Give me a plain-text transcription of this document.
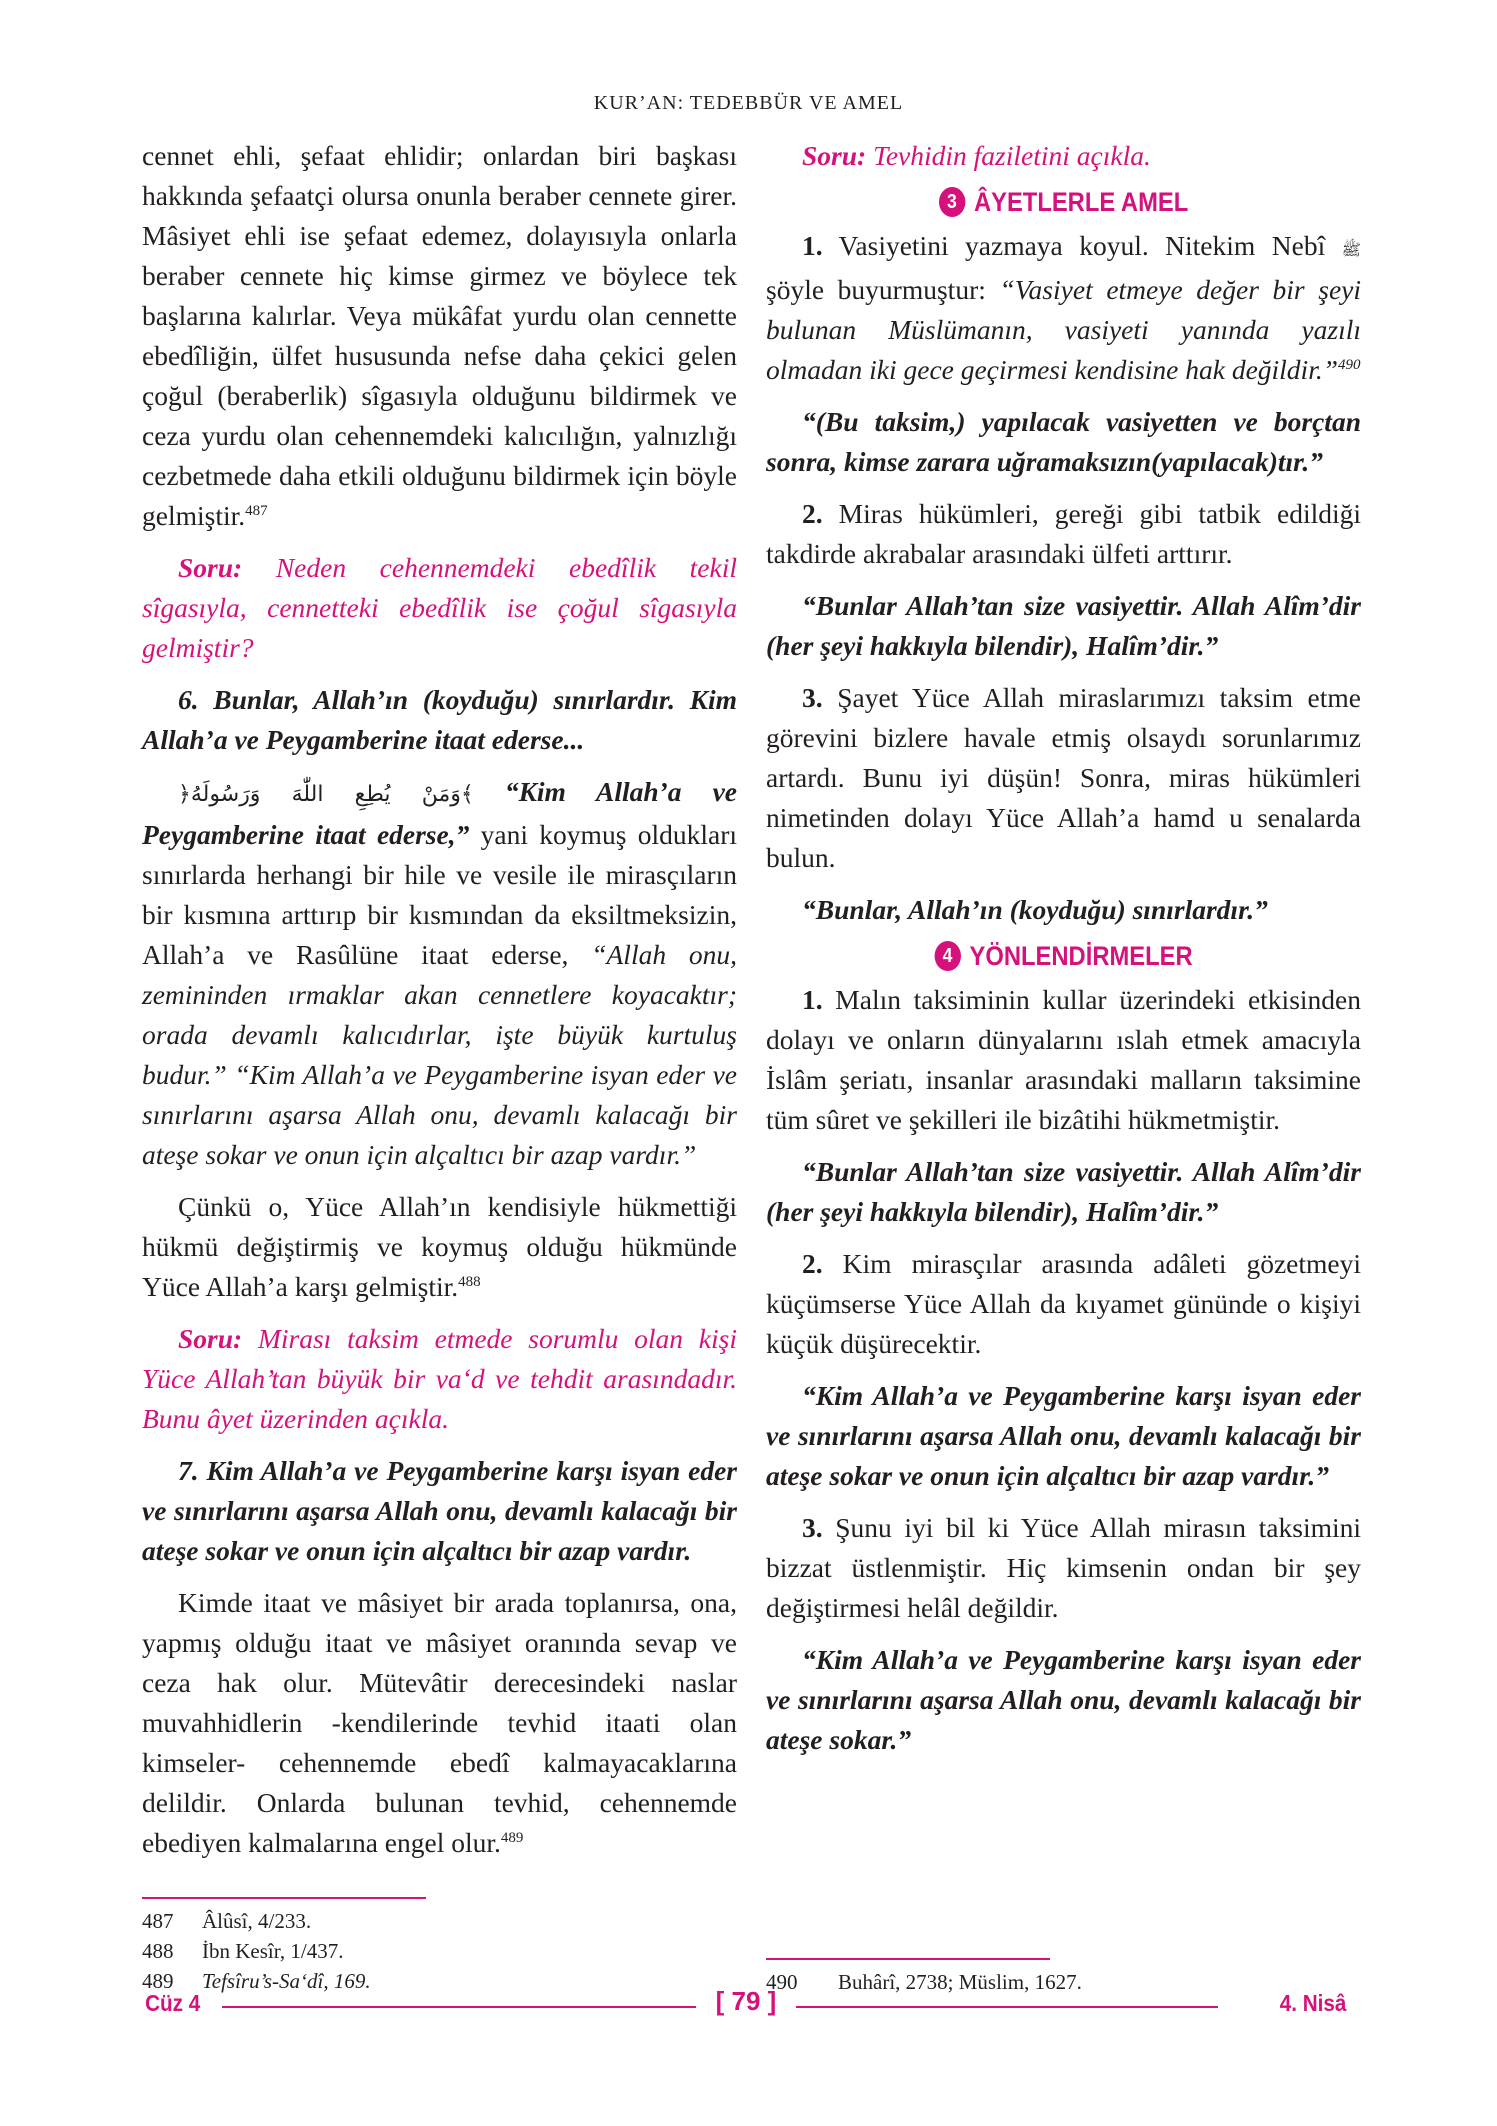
KUR’AN: TEDEBBÜR VE AMEL

cennet ehli, şefaat ehlidir; onlardan biri başkası hakkında şefaatçi olursa onunla beraber cennete girer. Mâsiyet ehli ise şefaat edemez, dolayısıyla onlarla beraber cennete hiç kimse girmez ve böylece tek başlarına kalırlar. Veya mükâfat yurdu olan cennette ebedîliğin, ülfet hususunda nefse daha çekici gelen çoğul (beraberlik) sîgasıyla olduğunu bildirmek ve ceza yurdu olan cehennemdeki kalıcılığın, yalnızlığı cezbetmede daha etkili olduğunu bildirmek için böyle gelmiştir.$^{487}$

Soru: Neden cehennemdeki ebedîlik tekil sîgasıyla, cennetteki ebedîlik ise çoğul sîgasıyla gelmiştir?

6. Bunlar, Allah’ın (koyduğu) sınırlardır. Kim Allah’a ve Peygamberine itaat ederse...

﴿وَمَنْ يُطِعِ اللّٰهَ وَرَسُولَهُ﴾ “Kim Allah’a ve Peygamberine itaat ederse,” yani koymuş oldukları sınırlarda herhangi bir hile ve vesile ile mirasçıların bir kısmına arttırıp bir kısmından da eksiltmeksizin, Allah’a ve Rasûlüne itaat ederse, “Allah onu, zemininden ırmaklar akan cennetlere koyacaktır; orada devamlı kalıcıdırlar, işte büyük kurtuluş budur.” “Kim Allah’a ve Peygamberine isyan eder ve sınırlarını aşarsa Allah onu, devamlı kalacağı bir ateşe sokar ve onun için alçaltıcı bir azap vardır.”

Çünkü o, Yüce Allah’ın kendisiyle hükmettiği hükmü değiştirmiş ve koymuş olduğu hükmünde Yüce Allah’a karşı gelmiştir.$^{488}$

Soru: Mirası taksim etmede sorumlu olan kişi Yüce Allah’tan büyük bir va‘d ve tehdit arasındadır. Bunu âyet üzerinden açıkla.

7. Kim Allah’a ve Peygamberine karşı isyan eder ve sınırlarını aşarsa Allah onu, devamlı kalacağı bir ateşe sokar ve onun için alçaltıcı bir azap vardır.

Kimde itaat ve mâsiyet bir arada toplanırsa, ona, yapmış olduğu itaat ve mâsiyet oranında sevap ve ceza hak olur. Mütevâtir derecesindeki naslar muvahhidlerin -kendilerinde tevhid itaati olan kimseler- cehennemde ebedî kalmayacaklarına delildir. Onlarda bulunan tevhid, cehennemde ebediyen kalmalarına engel olur.$^{489}$

Soru: Tevhidin faziletini açıkla.

3 ÂYETLERLE AMEL

1. Vasiyetini yazmaya koyul. Nitekim Nebî ﷺ şöyle buyurmuştur: “Vasiyet etmeye değer bir şeyi bulunan Müslümanın, vasiyeti yanında yazılı olmadan iki gece geçirmesi kendisine hak değildir.”$^{490}$

“(Bu taksim,) yapılacak vasiyetten ve borçtan sonra, kimse zarara uğramaksızın(yapılacak)tır.”

2. Miras hükümleri, gereği gibi tatbik edildiği takdirde akrabalar arasındaki ülfeti arttırır.

“Bunlar Allah’tan size vasiyettir. Allah Alîm’dir (her şeyi hakkıyla bilendir), Halîm’dir.”

3. Şayet Yüce Allah miraslarımızı taksim etme görevini bizlere havale etmiş olsaydı sorunlarımız artardı. Bunu iyi düşün! Sonra, miras hükümleri nimetinden dolayı Yüce Allah’a hamd u senalarda bulun.

“Bunlar, Allah’ın (koyduğu) sınırlardır.”

4 YÖNLENDİRMELER

1. Malın taksiminin kullar üzerindeki etkisinden dolayı ve onların dünyalarını ıslah etmek amacıyla İslâm şeriatı, insanlar arasındaki malların taksimine tüm sûret ve şekilleri ile bizâtihi hükmetmiştir.

“Bunlar Allah’tan size vasiyettir. Allah Alîm’dir (her şeyi hakkıyla bilendir), Halîm’dir.”

2. Kim mirasçılar arasında adâleti gözetmeyi küçümserse Yüce Allah da kıyamet gününde o kişiyi küçük düşürecektir.

“Kim Allah’a ve Peygamberine karşı isyan eder ve sınırlarını aşarsa Allah onu, devamlı kalacağı bir ateşe sokar ve onun için alçaltıcı bir azap vardır.”

3. Şunu iyi bil ki Yüce Allah mirasın taksimini bizzat üstlenmiştir. Hiç kimsenin ondan bir şey değiştirmesi helâl değildir.

“Kim Allah’a ve Peygamberine karşı isyan eder ve sınırlarını aşarsa Allah onu, devamlı kalacağı bir ateşe sokar.”

487	Âlûsî, 4/233.
488	İbn Kesîr, 1/437.
489	Tefsîru’s-Sa‘dî, 169.	490	Buhârî, 2738; Müslim, 1627.
Cüz 4	[ 79 ]	4. Nisâ
